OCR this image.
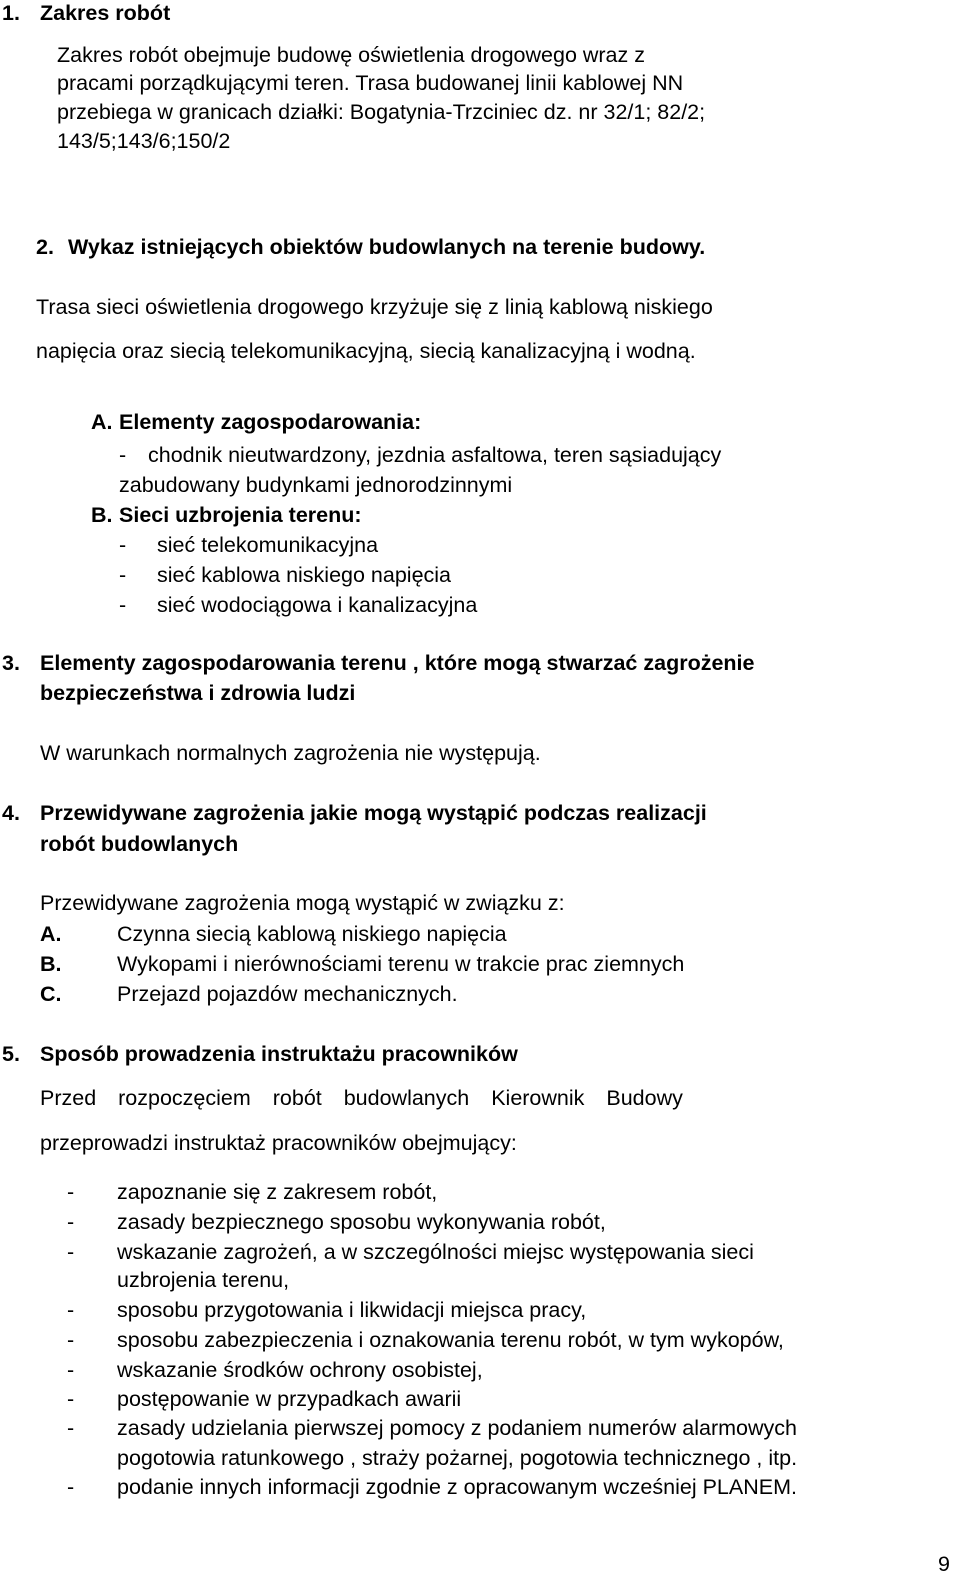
1. Zakres robót
Zakres robót obejmuje budowę oświetlenia drogowego wraz z
pracami porządkującymi teren. Trasa budowanej linii kablowej NN
przebiega w granicach działki: Bogatynia-Trzciniec dz. nr 32/1; 82/2;
143/5;143/6;150/2
2. Wykaz istniejących obiektów budowlanych na terenie budowy.
Trasa sieci oświetlenia drogowego krzyżuje się z linią kablową niskiego
napięcia oraz siecią telekomunikacyjną, siecią kanalizacyjną i wodną.
A. Elementy zagospodarowania:
- chodnik nieutwardzony, jezdnia asfaltowa, teren sąsiadujący
zabudowany budynkami jednorodzinnymi
B. Sieci uzbrojenia terenu:
- sieć telekomunikacyjna
- sieć kablowa niskiego napięcia
- sieć wodociągowa i kanalizacyjna
3. Elementy zagospodarowania terenu , które mogą stwarzać zagrożenie
bezpieczeństwa i zdrowia ludzi
W warunkach normalnych zagrożenia nie występują.
4. Przewidywane zagrożenia jakie mogą wystąpić podczas realizacji
robót budowlanych
Przewidywane zagrożenia mogą wystąpić w związku z:
A.	Czynna siecią kablową niskiego napięcia
B.	Wykopami i nierównościami terenu w trakcie prac ziemnych
C.	Przejazd pojazdów mechanicznych.
5. Sposób prowadzenia instruktażu pracowników
Przed rozpoczęciem robót budowlanych Kierownik Budowy
przeprowadzi instruktaż pracowników obejmujący:
- zapoznanie się z zakresem robót,
- zasady bezpiecznego sposobu wykonywania robót,
- wskazanie zagrożeń, a w szczególności miejsc występowania sieci
uzbrojenia terenu,
- sposobu przygotowania i likwidacji miejsca pracy,
- sposobu zabezpieczenia i oznakowania terenu robót, w tym wykopów,
- wskazanie środków ochrony osobistej,
- postępowanie w przypadkach awarii
- zasady udzielania pierwszej pomocy z podaniem numerów alarmowych
pogotowia ratunkowego , straży pożarnej, pogotowia technicznego , itp.
- podanie innych informacji zgodnie z opracowanym wcześniej PLANEM.
9
